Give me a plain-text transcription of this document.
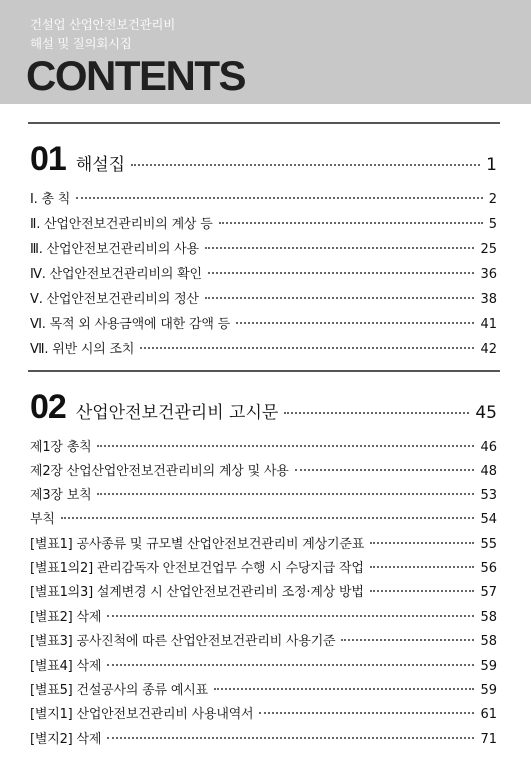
건설업 산업안전보건관리비
해설 및 질의회시집
CONTENTS
01 해설집	1
Ⅰ. 총 칙	2
Ⅱ. 산업안전보건관리비의 계상 등	5
Ⅲ. 산업안전보건관리비의 사용	25
Ⅳ. 산업안전보건관리비의 확인	36
Ⅴ. 산업안전보건관리비의 정산	38
Ⅵ. 목적 외 사용금액에 대한 감액 등	41
Ⅶ. 위반 시의 조치	42
02 산업안전보건관리비 고시문	45
제1장 총칙	46
제2장 산업산업안전보건관리비의 계상 및 사용	48
제3장 보칙	53
부칙	54
[별표1] 공사종류 및 규모별 산업안전보건관리비 계상기준표	55
[별표1의2] 관리감독자 안전보건업무 수행 시 수당지급 작업	56
[별표1의3] 설계변경 시 산업안전보건관리비 조정·계상 방법	57
[별표2] 삭제	58
[별표3] 공사진척에 따른 산업안전보건관리비 사용기준	58
[별표4] 삭제	59
[별표5] 건설공사의 종류 예시표	59
[별지1] 산업안전보건관리비 사용내역서	61
[별지2] 삭제	71
